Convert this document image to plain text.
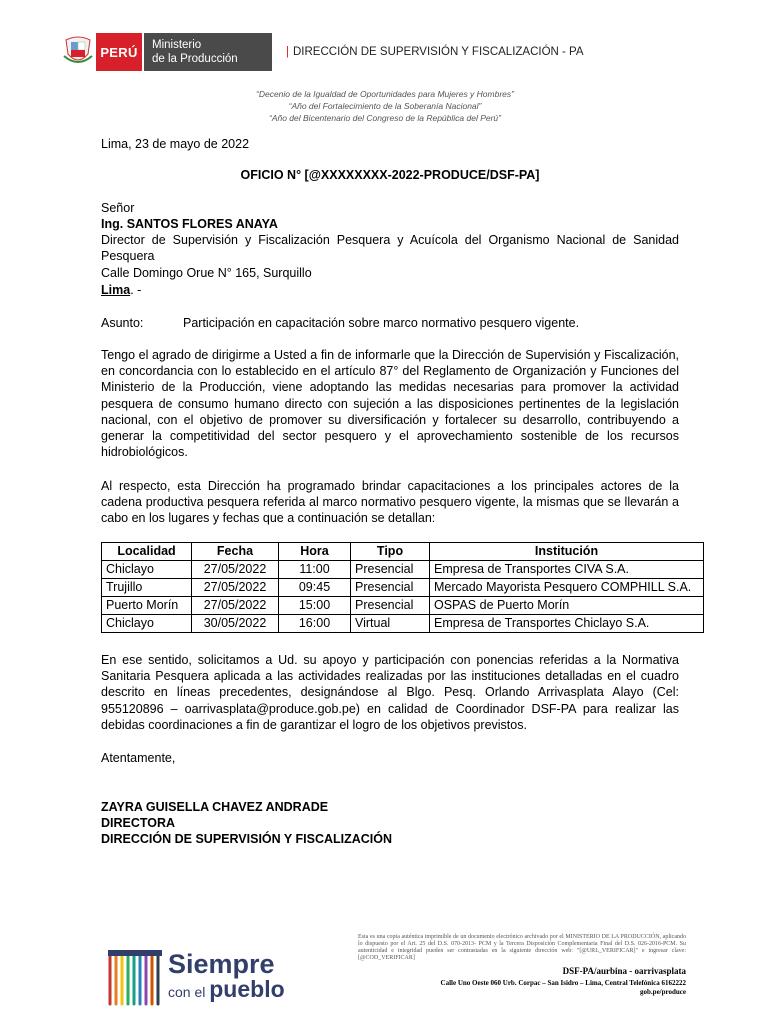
PERÚ	Ministerio
de la Producción
| DIRECCIÓN DE SUPERVISIÓN Y FISCALIZACIÓN - PA
“Decenio de la Igualdad de Oportunidades para Mujeres y Hombres”
“Año del Fortalecimiento de la Soberanía Nacional”
“Año del Bicentenario del Congreso de la República del Perú”
Lima, 23 de mayo de 2022
OFICIO N° [@XXXXXXXX-2022-PRODUCE/DSF-PA]
Señor
Ing. SANTOS FLORES ANAYA
Director de Supervisión y Fiscalización Pesquera y Acuícola del Organismo Nacional de Sanidad Pesquera
Calle Domingo Orue N° 165, Surquillo
Lima. -
Asunto:	Participación en capacitación sobre marco normativo pesquero vigente.
Tengo el agrado de dirigirme a Usted a fin de informarle que la Dirección de Supervisión y Fiscalización, en concordancia con lo establecido en el artículo 87° del Reglamento de Organización y Funciones del Ministerio de la Producción, viene adoptando las medidas necesarias para promover la actividad pesquera de consumo humano directo con sujeción a las disposiciones pertinentes de la legislación nacional, con el objetivo de promover su diversificación y fortalecer su desarrollo, contribuyendo a generar la competitividad del sector pesquero y el aprovechamiento sostenible de los recursos hidrobiológicos.
Al respecto, esta Dirección ha programado brindar capacitaciones a los principales actores de la cadena productiva pesquera referida al marco normativo pesquero vigente, la mismas que se llevarán a cabo en los lugares y fechas que a continuación se detallan:
Localidad	Fecha	Hora	Tipo	Institución
Chiclayo	27/05/2022	11:00	Presencial	Empresa de Transportes CIVA S.A.
Trujillo	27/05/2022	09:45	Presencial	Mercado Mayorista Pesquero COMPHILL S.A.
Puerto Morín	27/05/2022	15:00	Presencial	OSPAS de Puerto Morín
Chiclayo	30/05/2022	16:00	Virtual	Empresa de Transportes Chiclayo S.A.
En ese sentido, solicitamos a Ud. su apoyo y participación con ponencias referidas a la Normativa Sanitaria Pesquera aplicada a las actividades realizadas por las instituciones detalladas en el cuadro descrito en líneas precedentes, designándose al Blgo. Pesq. Orlando Arrivasplata Alayo (Cel: 955120896 – oarrivasplata@produce.gob.pe) en calidad de Coordinador DSF-PA para realizar las debidas coordinaciones a fin de garantizar el logro de los objetivos previstos.
Atentamente,
ZAYRA GUISELLA CHAVEZ ANDRADE
DIRECTORA
DIRECCIÓN DE SUPERVISIÓN Y FISCALIZACIÓN
Esta es una copia auténtica imprimible de un documento electrónico archivado por el MINISTERIO DE LA PRODUCCIÓN, aplicando lo dispuesto por el Art. 25 del D.S. 070-2013- PCM y la Tercera Disposición Complementaria Final del D.S. 026-2016-PCM. Su autenticidad e integridad pueden ser contrastadas en la siguiente dirección web: "[@URL_VERIFICAR]" e ingresar clave: [@COD_VERIFICAR]
DSF-PA/aurbina - oarrivasplata
Calle Uno Oeste 060 Urb. Corpac – San Isidro – Lima, Central Telefónica 6162222
gob.pe/produce
Siempre
con el pueblo
